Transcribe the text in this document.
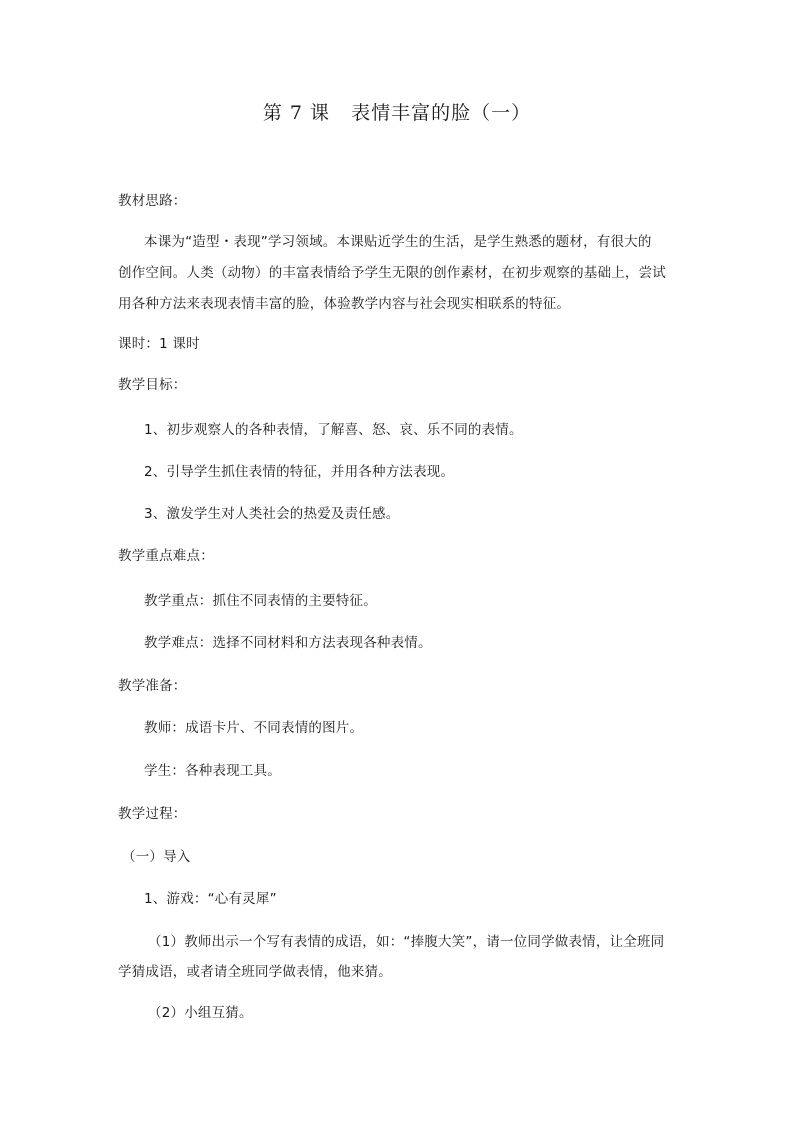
第 7 课   表情丰富的脸（一）
教材思路：
本课为“造型・表现”学习领域。本课贴近学生的生活，是学生熟悉的题材，有很大的
创作空间。人类（动物）的丰富表情给予学生无限的创作素材，在初步观察的基础上，尝试
用各种方法来表现表情丰富的脸，体验教学内容与社会现实相联系的特征。
课时：1 课时
教学目标：
1、初步观察人的各种表情，了解喜、怒、哀、乐不同的表情。
2、引导学生抓住表情的特征，并用各种方法表现。
3、激发学生对人类社会的热爱及责任感。
教学重点难点：
教学重点：抓住不同表情的主要特征。
教学难点：选择不同材料和方法表现各种表情。
教学准备：
教师：成语卡片、不同表情的图片。
学生：各种表现工具。
教学过程：
（一）导入
1、游戏：“心有灵犀”
（1）教师出示一个写有表情的成语，如：“捧腹大笑”，请一位同学做表情，让全班同
学猜成语，或者请全班同学做表情，他来猜。
（2）小组互猜。
